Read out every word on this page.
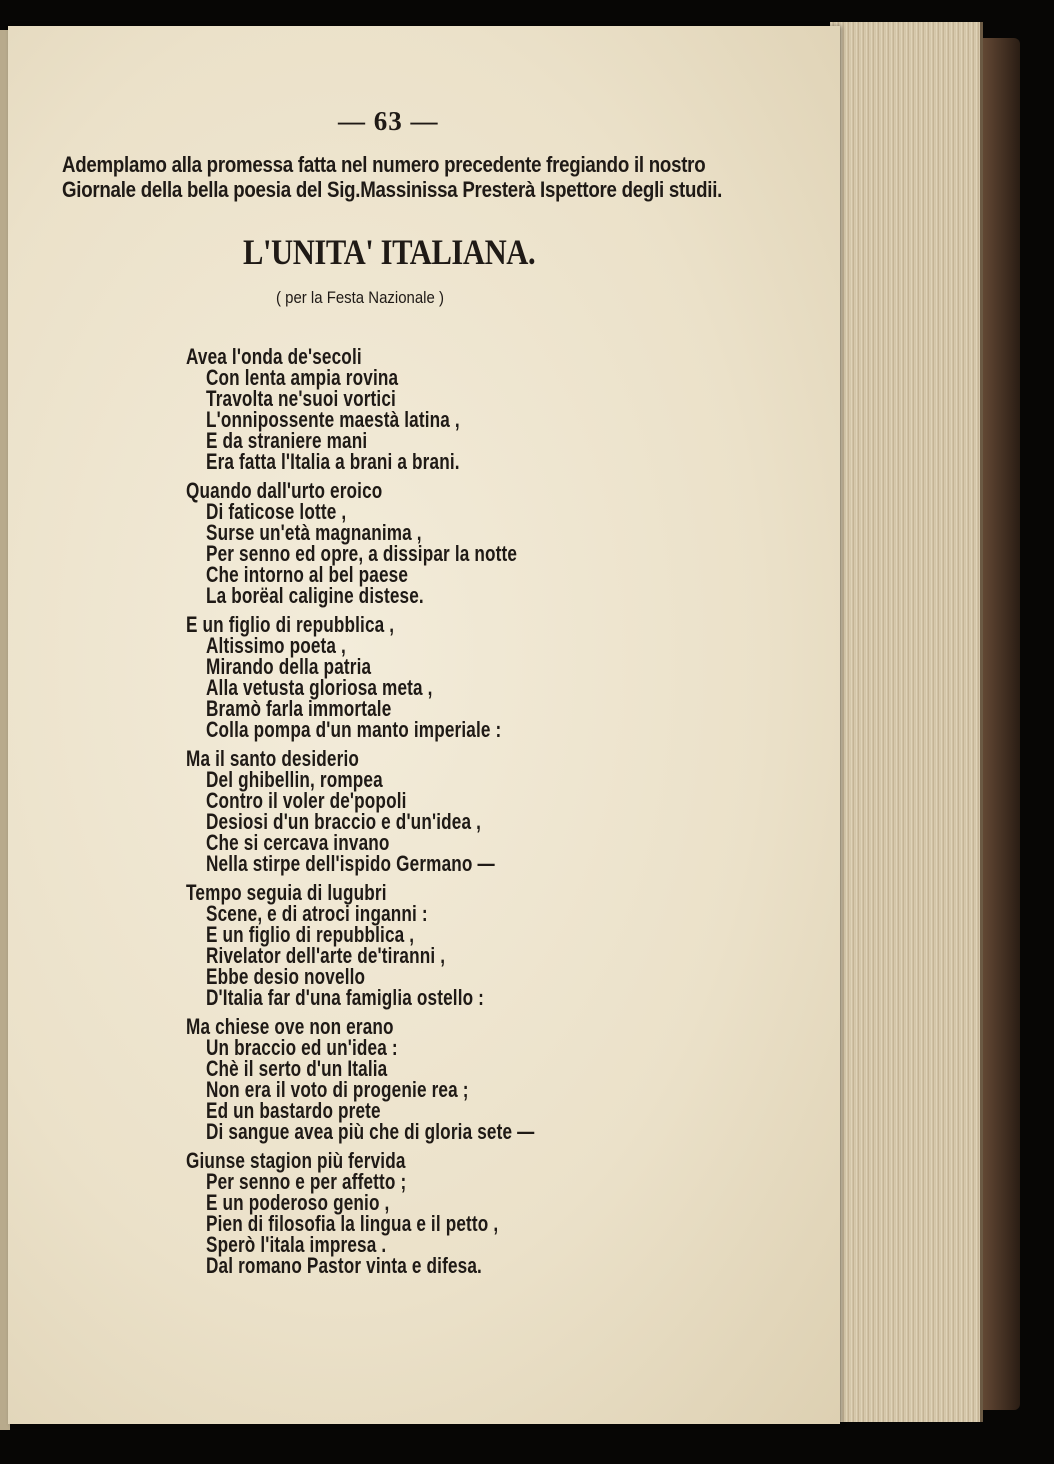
— 63 —
Ademplamo alla promessa fatta nel numero precedente fregiando il nostro
Giornale della bella poesia del Sig.Massinissa Presterà Ispettore degli studii.
L'UNITA' ITALIANA.
( per la Festa Nazionale )
Avea l'onda de'secoli
Con lenta ampia rovina
Travolta ne'suoi vortici
L'onnipossente maestà latina ,
E da straniere mani
Era fatta l'Italia a brani a brani.
Quando dall'urto eroico
Di faticose lotte ,
Surse un'età magnanima ,
Per senno ed opre, a dissipar la notte
Che intorno al bel paese
La borëal caligine distese.
E un figlio di repubblica ,
Altissimo poeta ,
Mirando della patria
Alla vetusta gloriosa meta ,
Bramò farla immortale
Colla pompa d'un manto imperiale :
Ma il santo desiderio
Del ghibellin, rompea
Contro il voler de'popoli
Desiosi d'un braccio e d'un'idea ,
Che si cercava invano
Nella stirpe dell'ispido Germano —
Tempo seguia di lugubri
Scene, e di atroci inganni :
E un figlio di repubblica ,
Rivelator dell'arte de'tiranni ,
Ebbe desio novello
D'Italia far d'una famiglia ostello :
Ma chiese ove non erano
Un braccio ed un'idea :
Chè il serto d'un Italia
Non era il voto di progenie rea ;
Ed un bastardo prete
Di sangue avea più che di gloria sete —
Giunse stagion più fervida
Per senno e per affetto ;
E un poderoso genio ,
Pien di filosofia la lingua e il petto ,
Sperò l'itala impresa .
Dal romano Pastor vinta e difesa.
